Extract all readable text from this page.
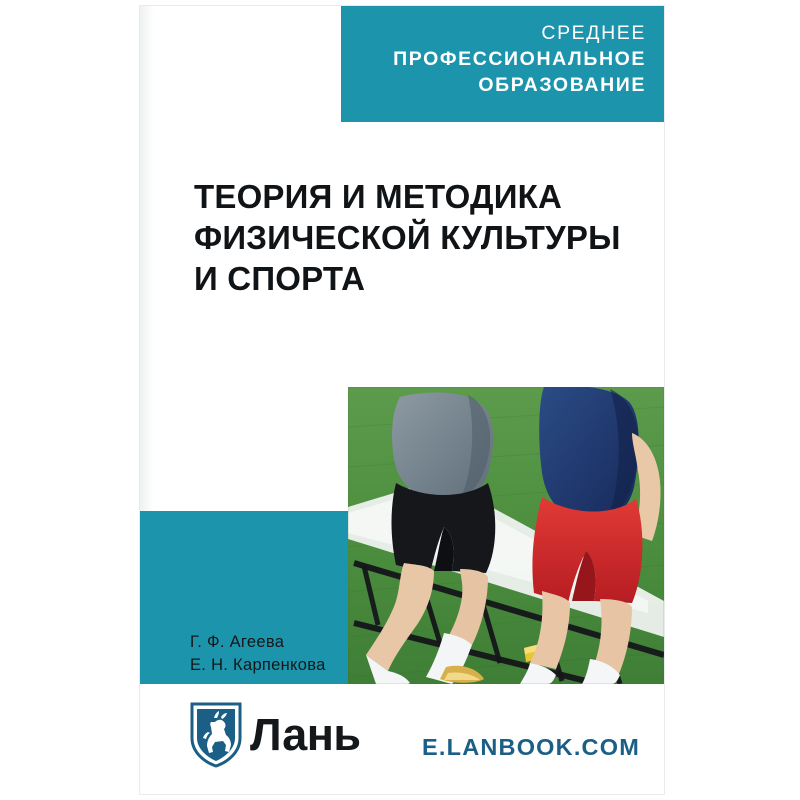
СРЕДНЕЕ
ПРОФЕССИОНАЛЬНОЕ
ОБРАЗОВАНИЕ
ТЕОРИЯ И МЕТОДИКА
ФИЗИЧЕСКОЙ КУЛЬТУРЫ
И СПОРТА
Г. Ф. Агеева
Е. Н. Карпенкова
Лань	E.LANBOOK.COM
